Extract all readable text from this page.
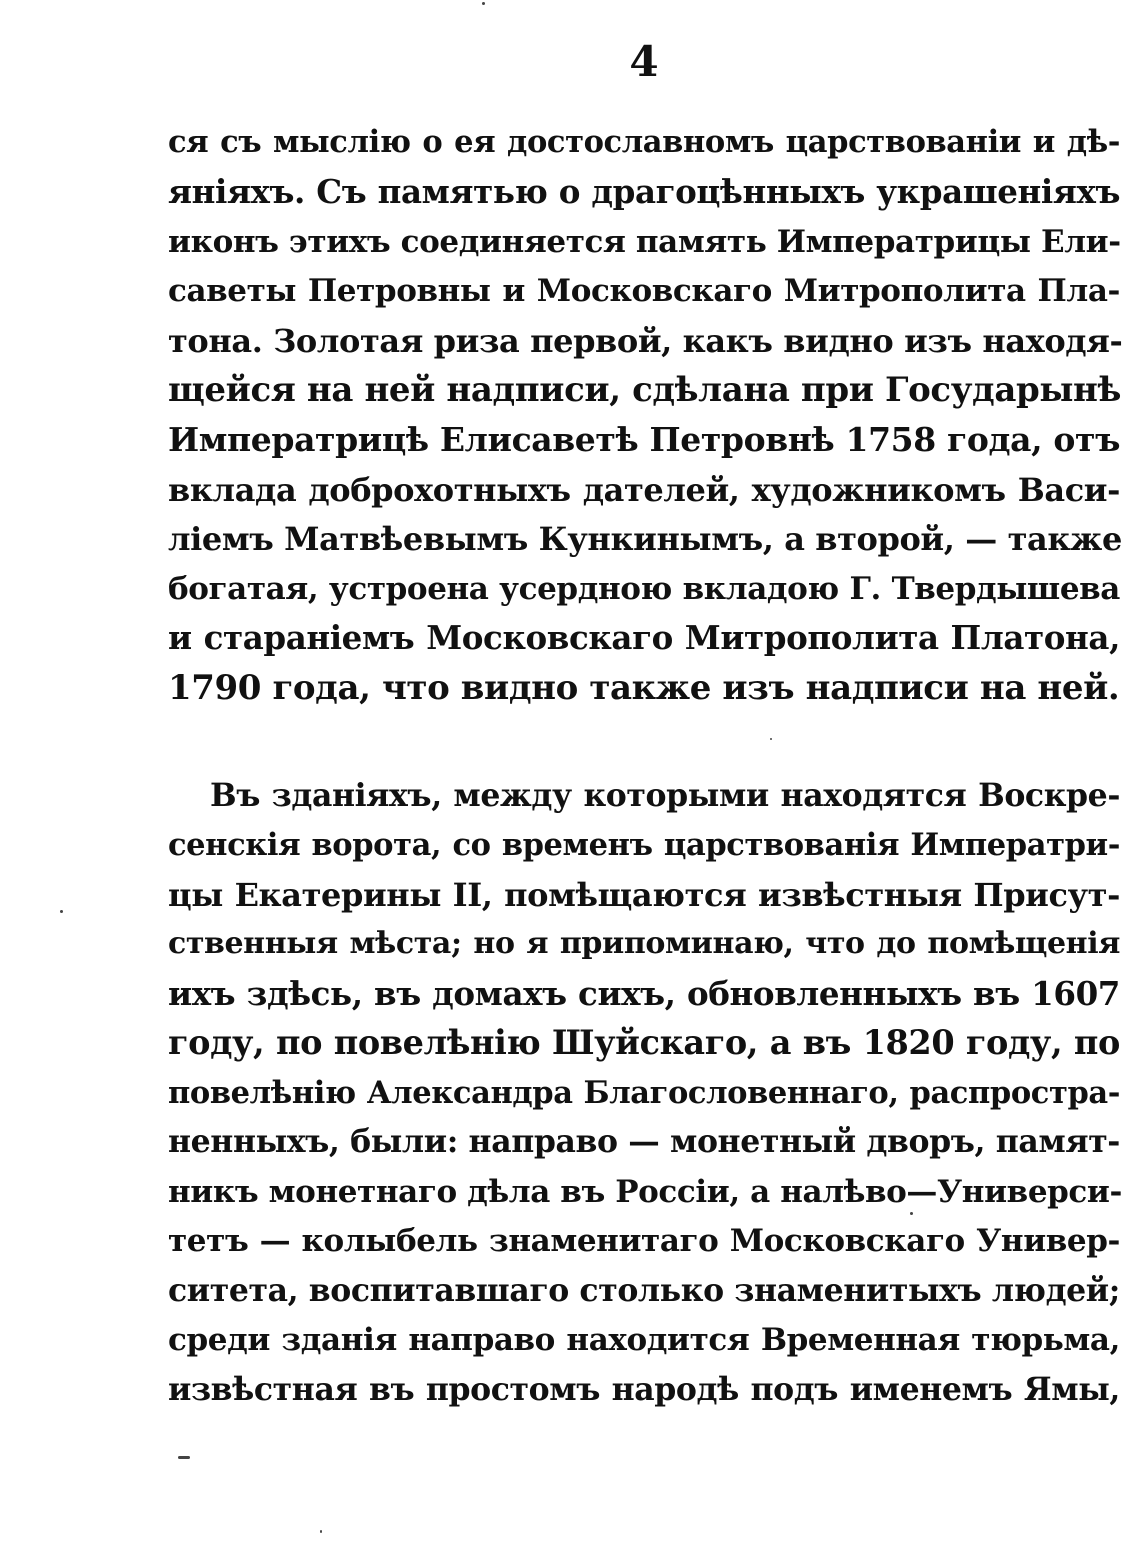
4
ся съ мыслію о ея достославномъ царствованіи и дѣ-
яніяхъ. Съ памятью о драгоцѣнныхъ украшеніяхъ
иконъ этихъ соединяется память Императрицы Ели-
саветы Петровны и Московскаго Митрополита Пла-
тона. Золотая риза первой, какъ видно изъ находя-
щейся на ней надписи, сдѣлана при Государынѣ
Императрицѣ Елисаветѣ Петровнѣ 1758 года, отъ
вклада доброхотныхъ дателей, художникомъ Васи-
ліемъ Матвѣевымъ Кункинымъ, а второй, — также
богатая, устроена усердною вкладою Г. Твердышева
и стараніемъ Московскаго Митрополита Платона,
1790 года, что видно также изъ надписи на ней.
Въ зданіяхъ, между которыми находятся Воскре-
сенскія ворота, со временъ царствованія Императри-
цы Екатерины II, помѣщаются извѣстныя Присут-
ственныя мѣста; но я припоминаю, что до помѣщенія
ихъ здѣсь, въ домахъ сихъ, обновленныхъ въ 1607
году, по повелѣнію Шуйскаго, а въ 1820 году, по
повелѣнію Александра Благословеннаго, распростра-
ненныхъ, были: направо — монетный дворъ, памят-
никъ монетнаго дѣла въ Россіи, а налѣво—Универси-
тетъ — колыбель знаменитаго Московскаго Универ-
ситета, воспитавшаго столько знаменитыхъ людей;
среди зданія направо находится Временная тюрьма,
извѣстная въ простомъ народѣ подъ именемъ Ямы,
